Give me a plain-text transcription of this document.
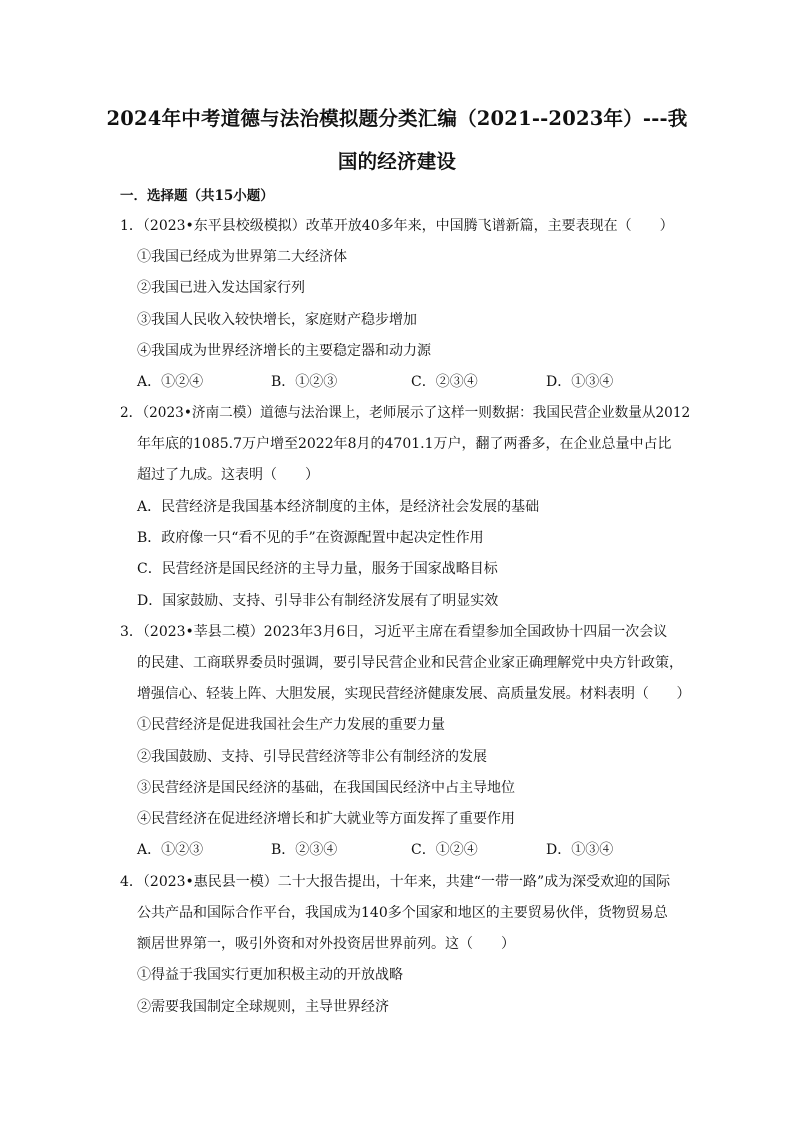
2024年中考道德与法治模拟题分类汇编（2021--2023年）---我
国的经济建设
一．选择题（共15小题）
1．（2023•东平县校级模拟）改革开放40多年来，中国腾飞谱新篇，主要表现在（　　）
①我国已经成为世界第二大经济体
②我国已进入发达国家行列
③我国人民收入较快增长，家庭财产稳步增加
④我国成为世界经济增长的主要稳定器和动力源
A．①②④	B．①②③	C．②③④	D．①③④
2．（2023•济南二模）道德与法治课上，老师展示了这样一则数据：我国民营企业数量从2012
年年底的1085.7万户增至2022年8月的4701.1万户，翻了两番多，在企业总量中占比
超过了九成。这表明（　　）
A．民营经济是我国基本经济制度的主体，是经济社会发展的基础
B．政府像一只“看不见的手”在资源配置中起决定性作用
C．民营经济是国民经济的主导力量，服务于国家战略目标
D．国家鼓励、支持、引导非公有制经济发展有了明显实效
3．（2023•莘县二模）2023年3月6日，习近平主席在看望参加全国政协十四届一次会议
的民建、工商联界委员时强调，要引导民营企业和民营企业家正确理解党中央方针政策，
增强信心、轻装上阵、大胆发展，实现民营经济健康发展、高质量发展。材料表明（　　）
①民营经济是促进我国社会生产力发展的重要力量
②我国鼓励、支持、引导民营经济等非公有制经济的发展
③民营经济是国民经济的基础，在我国国民经济中占主导地位
④民营经济在促进经济增长和扩大就业等方面发挥了重要作用
A．①②③	B．②③④	C．①②④	D．①③④
4．（2023•惠民县一模）二十大报告提出，十年来，共建“一带一路”成为深受欢迎的国际
公共产品和国际合作平台，我国成为140多个国家和地区的主要贸易伙伴，货物贸易总
额居世界第一，吸引外资和对外投资居世界前列。这（　　）
①得益于我国实行更加积极主动的开放战略
②需要我国制定全球规则，主导世界经济
